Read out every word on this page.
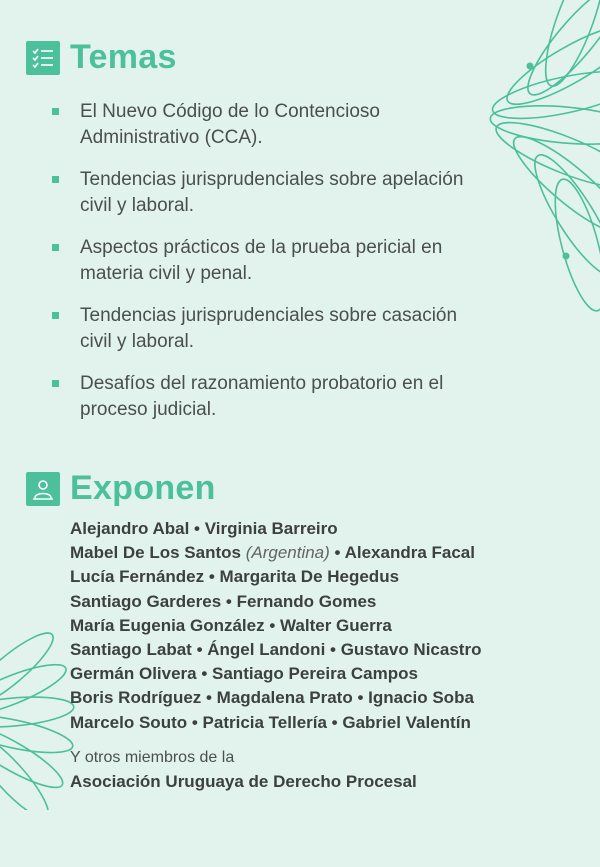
Temas
El Nuevo Código de lo Contencioso Administrativo (CCA).
Tendencias jurisprudenciales sobre apelación civil y laboral.
Aspectos prácticos de la prueba pericial en materia civil y penal.
Tendencias jurisprudenciales sobre casación civil y laboral.
Desafíos del razonamiento probatorio en el proceso judicial.
Exponen
Alejandro Abal • Virginia Barreiro
Mabel De Los Santos (Argentina) • Alexandra Facal
Lucía Fernández • Margarita De Hegedus
Santiago Garderes • Fernando Gomes
María Eugenia González • Walter Guerra
Santiago Labat • Ángel Landoni • Gustavo Nicastro
Germán Olivera • Santiago Pereira Campos
Boris Rodríguez • Magdalena Prato • Ignacio Soba
Marcelo Souto • Patricia Tellería • Gabriel Valentín
Y otros miembros de la
Asociación Uruguaya de Derecho Procesal
